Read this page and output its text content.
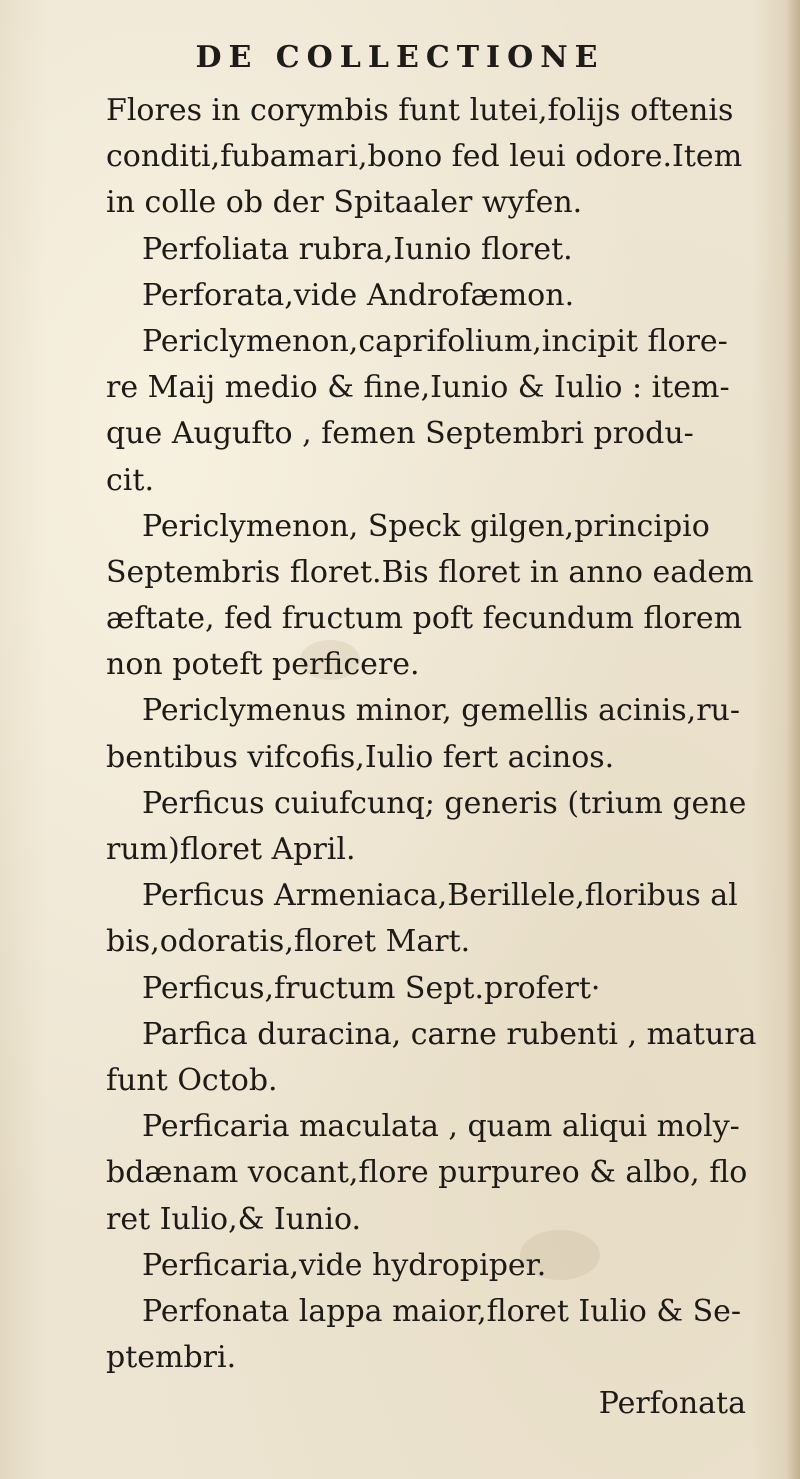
DE COLLECTIONE
Flores in corymbis funt lutei,folijs oftenis
conditi,fubamari,bono fed leui odore.Item
in colle ob der Spitaaler wyfen.
Perfoliata rubra,Iunio floret.
Perforata,vide Androfæmon.
Periclymenon,caprifolium,incipit flore-
re Maij medio & fine,Iunio & Iulio : item-
que Augufto , femen Septembri produ-
cit.
Periclymenon, Speck gilgen,principio
Septembris floret.Bis floret in anno eadem
æftate, fed fructum poft fecundum florem
non poteft perficere.
Periclymenus minor, gemellis acinis,ru-
bentibus vifcofis,Iulio fert acinos.
Perficus cuiufcunq; generis (trium gene
rum)floret April.
Perficus Armeniaca,Berillele,floribus al
bis,odoratis,floret Mart.
Perficus,fructum Sept.profert·
Parfica duracina, carne rubenti , matura
funt Octob.
Perficaria maculata , quam aliqui moly-
bdænam vocant,flore purpureo & albo, flo
ret Iulio,& Iunio.
Perficaria,vide hydropiper.
Perfonata lappa maior,floret Iulio & Se-
ptembri.
Perfonata
